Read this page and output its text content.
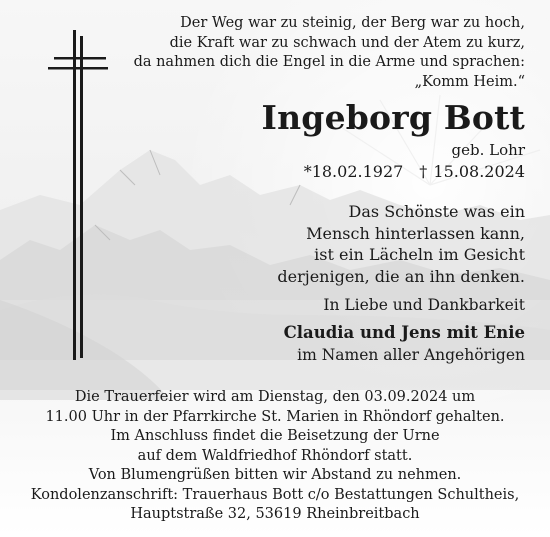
Der Weg war zu steinig, der Berg war zu hoch,
die Kraft war zu schwach und der Atem zu kurz,
da nahmen dich die Engel in die Arme und sprachen:
„Komm Heim.“
Ingeborg Bott
geb. Lohr
*18.02.1927 † 15.08.2024
Das Schönste was ein
Mensch hinterlassen kann,
ist ein Lächeln im Gesicht
derjenigen, die an ihn denken.
In Liebe und Dankbarkeit
Claudia und Jens mit Enie
im Namen aller Angehörigen
Die Trauerfeier wird am Dienstag, den 03.09.2024 um
11.00 Uhr in der Pfarrkirche St. Marien in Rhöndorf gehalten.
Im Anschluss findet die Beisetzung der Urne
auf dem Waldfriedhof Rhöndorf statt.
Von Blumengrüßen bitten wir Abstand zu nehmen.
Kondolenzanschrift: Trauerhaus Bott c/o Bestattungen Schultheis,
Hauptstraße 32, 53619 Rheinbreitbach
